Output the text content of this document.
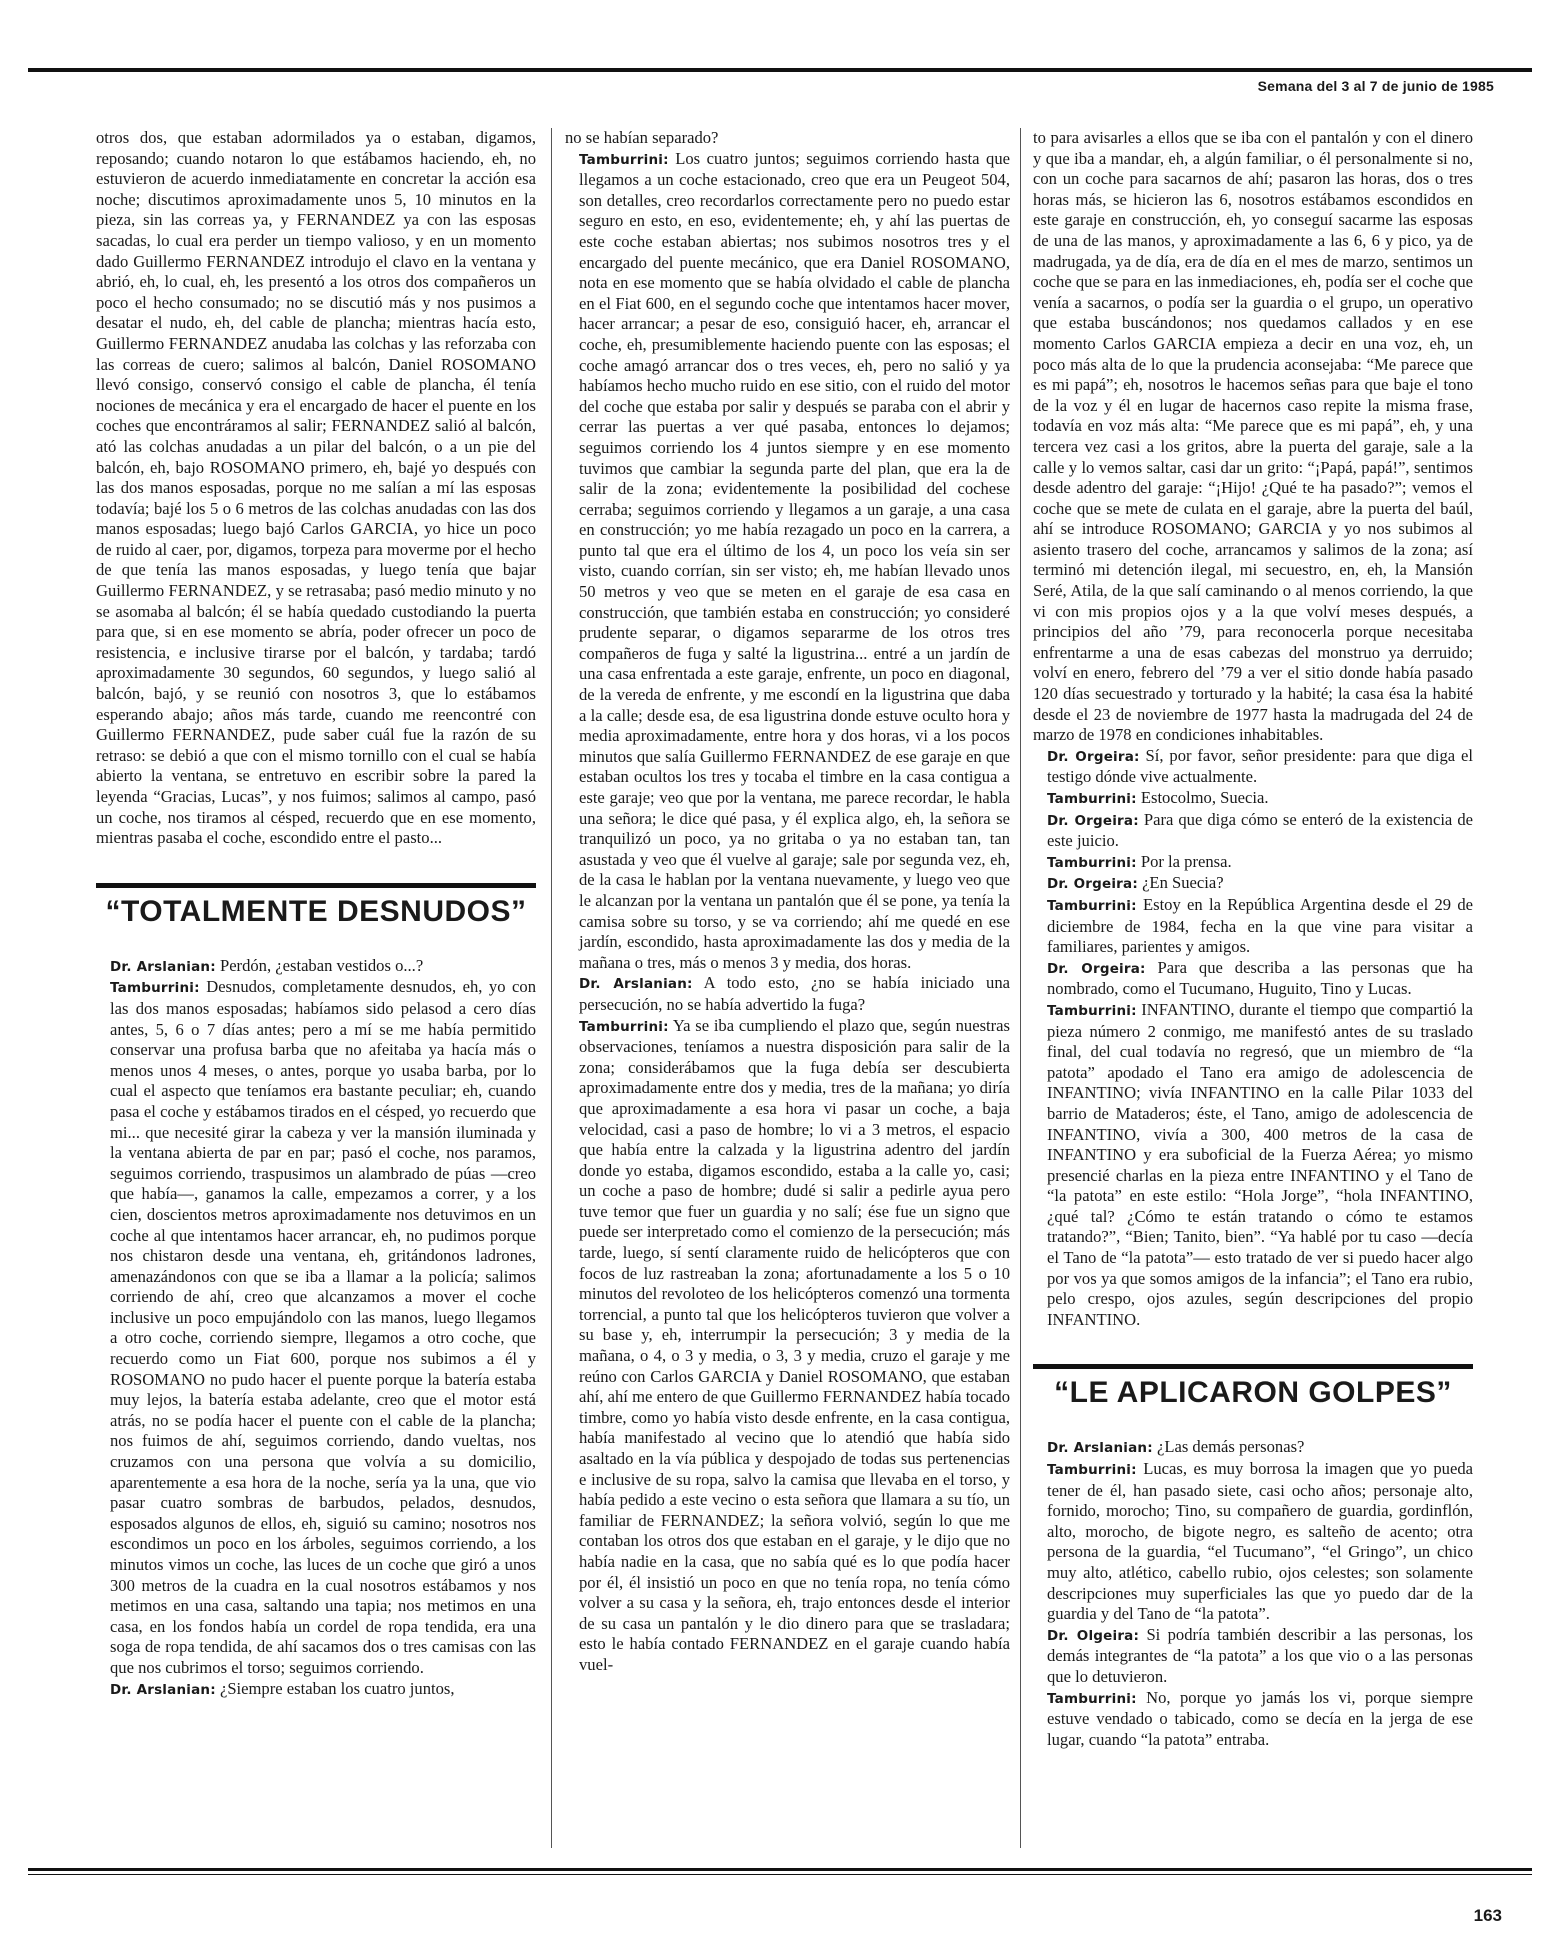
Semana del 3 al 7 de junio de 1985

otros dos, que estaban adormilados ya o estaban, digamos, reposando; cuando notaron lo que estábamos haciendo, eh, no estuvieron de acuerdo inmediatamente en concretar la acción esa noche; discutimos aproximadamente unos 5, 10 minutos en la pieza, sin las correas ya, y FERNANDEZ ya con las esposas sacadas, lo cual era perder un tiempo valioso, y en un momento dado Guillermo FERNANDEZ introdujo el clavo en la ventana y abrió, eh, lo cual, eh, les presentó a los otros dos compañeros un poco el hecho consumado; no se discutió más y nos pusimos a desatar el nudo, eh, del cable de plancha; mientras hacía esto, Guillermo FERNANDEZ anudaba las colchas y las reforzaba con las correas de cuero; salimos al balcón, Daniel ROSOMANO llevó consigo, conservó consigo el cable de plancha, él tenía nociones de mecánica y era el encargado de hacer el puente en los coches que encontráramos al salir; FERNANDEZ salió al balcón, ató las colchas anudadas a un pilar del balcón, o a un pie del balcón, eh, bajo ROSOMANO primero, eh, bajé yo después con las dos manos esposadas, porque no me salían a mí las esposas todavía; bajé los 5 o 6 metros de las colchas anudadas con las dos manos esposadas; luego bajó Carlos GARCIA, yo hice un poco de ruido al caer, por, digamos, torpeza para moverme por el hecho de que tenía las manos esposadas, y luego tenía que bajar Guillermo FERNANDEZ, y se retrasaba; pasó medio minuto y no se asomaba al balcón; él se había quedado custodiando la puerta para que, si en ese momento se abría, poder ofrecer un poco de resistencia, e inclusive tirarse por el balcón, y tardaba; tardó aproximadamente 30 segundos, 60 segundos, y luego salió al balcón, bajó, y se reunió con nosotros 3, que lo estábamos esperando abajo; años más tarde, cuando me reencontré con Guillermo FERNANDEZ, pude saber cuál fue la razón de su retraso: se debió a que con el mismo tornillo con el cual se había abierto la ventana, se entretuvo en escribir sobre la pared la leyenda “Gracias, Lucas”, y nos fuimos; salimos al campo, pasó un coche, nos tiramos al césped, recuerdo que en ese momento, mientras pasaba el coche, escondido entre el pasto...

“TOTALMENTE DESNUDOS”

Dr. Arslanian: Perdón, ¿estaban vestidos o...?

Tamburrini: Desnudos, completamente desnudos, eh, yo con las dos manos esposadas; habíamos sido pelasod a cero días antes, 5, 6 o 7 días antes; pero a mí se me había permitido conservar una profusa barba que no afeitaba ya hacía más o menos unos 4 meses, o antes, porque yo usaba barba, por lo cual el aspecto que teníamos era bastante peculiar; eh, cuando pasa el coche y estábamos tirados en el césped, yo recuerdo que mi... que necesité girar la cabeza y ver la mansión iluminada y la ventana abierta de par en par; pasó el coche, nos paramos, seguimos corriendo, traspusimos un alambrado de púas —creo que había—, ganamos la calle, empezamos a correr, y a los cien, doscientos metros aproximadamente nos detuvimos en un coche al que intentamos hacer arrancar, eh, no pudimos porque nos chistaron desde una ventana, eh, gritándonos ladrones, amenazándonos con que se iba a llamar a la policía; salimos corriendo de ahí, creo que alcanzamos a mover el coche inclusive un poco empujándolo con las manos, luego llegamos a otro coche, corriendo siempre, llegamos a otro coche, que recuerdo como un Fiat 600, porque nos subimos a él y ROSOMANO no pudo hacer el puente porque la batería estaba muy lejos, la batería estaba adelante, creo que el motor está atrás, no se podía hacer el puente con el cable de la plancha; nos fuimos de ahí, seguimos corriendo, dando vueltas, nos cruzamos con una persona que volvía a su domicilio, aparentemente a esa hora de la noche, sería ya la una, que vio pasar cuatro sombras de barbudos, pelados, desnudos, esposados algunos de ellos, eh, siguió su camino; nosotros nos escondimos un poco en los árboles, seguimos corriendo, a los minutos vimos un coche, las luces de un coche que giró a unos 300 metros de la cuadra en la cual nosotros estábamos y nos metimos en una casa, saltando una tapia; nos metimos en una casa, en los fondos había un cordel de ropa tendida, era una soga de ropa tendida, de ahí sacamos dos o tres camisas con las que nos cubrimos el torso; seguimos corriendo.

Dr. Arslanian: ¿Siempre estaban los cuatro juntos,

no se habían separado?

Tamburrini: Los cuatro juntos; seguimos corriendo hasta que llegamos a un coche estacionado, creo que era un Peugeot 504, son detalles, creo recordarlos correctamente pero no puedo estar seguro en esto, en eso, evidentemente; eh, y ahí las puertas de este coche estaban abiertas; nos subimos nosotros tres y el encargado del puente mecánico, que era Daniel ROSOMANO, nota en ese momento que se había olvidado el cable de plancha en el Fiat 600, en el segundo coche que intentamos hacer mover, hacer arrancar; a pesar de eso, consiguió hacer, eh, arrancar el coche, eh, presumiblemente haciendo puente con las esposas; el coche amagó arrancar dos o tres veces, eh, pero no salió y ya habíamos hecho mucho ruido en ese sitio, con el ruido del motor del coche que estaba por salir y después se paraba con el abrir y cerrar las puertas a ver qué pasaba, entonces lo dejamos; seguimos corriendo los 4 juntos siempre y en ese momento tuvimos que cambiar la segunda parte del plan, que era la de salir de la zona; evidentemente la posibilidad del cochese cerraba; seguimos corriendo y llegamos a un garaje, a una casa en construcción; yo me había rezagado un poco en la carrera, a punto tal que era el último de los 4, un poco los veía sin ser visto, cuando corrían, sin ser visto; eh, me habían llevado unos 50 metros y veo que se meten en el garaje de esa casa en construcción, que también estaba en construcción; yo consideré prudente separar, o digamos separarme de los otros tres compañeros de fuga y salté la ligustrina... entré a un jardín de una casa enfrentada a este garaje, enfrente, un poco en diagonal, de la vereda de enfrente, y me escondí en la ligustrina que daba a la calle; desde esa, de esa ligustrina donde estuve oculto hora y media aproximadamente, entre hora y dos horas, vi a los pocos minutos que salía Guillermo FERNANDEZ de ese garaje en que estaban ocultos los tres y tocaba el timbre en la casa contigua a este garaje; veo que por la ventana, me parece recordar, le habla una señora; le dice qué pasa, y él explica algo, eh, la señora se tranquilizó un poco, ya no gritaba o ya no estaban tan, tan asustada y veo que él vuelve al garaje; sale por segunda vez, eh, de la casa le hablan por la ventana nuevamente, y luego veo que le alcanzan por la ventana un pantalón que él se pone, ya tenía la camisa sobre su torso, y se va corriendo; ahí me quedé en ese jardín, escondido, hasta aproximadamente las dos y media de la mañana o tres, más o menos 3 y media, dos horas.

Dr. Arslanian: A todo esto, ¿no se había iniciado una persecución, no se había advertido la fuga?

Tamburrini: Ya se iba cumpliendo el plazo que, según nuestras observaciones, teníamos a nuestra disposición para salir de la zona; considerábamos que la fuga debía ser descubierta aproximadamente entre dos y media, tres de la mañana; yo diría que aproximadamente a esa hora vi pasar un coche, a baja velocidad, casi a paso de hombre; lo vi a 3 metros, el espacio que había entre la calzada y la ligustrina adentro del jardín donde yo estaba, digamos escondido, estaba a la calle yo, casi; un coche a paso de hombre; dudé si salir a pedirle ayua pero tuve temor que fuer un guardia y no salí; ése fue un signo que puede ser interpretado como el comienzo de la persecución; más tarde, luego, sí sentí claramente ruido de helicópteros que con focos de luz rastreaban la zona; afortunadamente a los 5 o 10 minutos del revoloteo de los helicópteros comenzó una tormenta torrencial, a punto tal que los helicópteros tuvieron que volver a su base y, eh, interrumpir la persecución; 3 y media de la mañana, o 4, o 3 y media, o 3, 3 y media, cruzo el garaje y me reúno con Carlos GARCIA y Daniel ROSOMANO, que estaban ahí, ahí me entero de que Guillermo FERNANDEZ había tocado timbre, como yo había visto desde enfrente, en la casa contigua, había manifestado al vecino que lo atendió que había sido asaltado en la vía pública y despojado de todas sus pertenencias e inclusive de su ropa, salvo la camisa que llevaba en el torso, y había pedido a este vecino o esta señora que llamara a su tío, un familiar de FERNANDEZ; la señora volvió, según lo que me contaban los otros dos que estaban en el garaje, y le dijo que no había nadie en la casa, que no sabía qué es lo que podía hacer por él, él insistió un poco en que no tenía ropa, no tenía cómo volver a su casa y la señora, eh, trajo entonces desde el interior de su casa un pantalón y le dio dinero para que se trasladara; esto le había contado FERNANDEZ en el garaje cuando había vuel-

to para avisarles a ellos que se iba con el pantalón y con el dinero y que iba a mandar, eh, a algún familiar, o él personalmente si no, con un coche para sacarnos de ahí; pasaron las horas, dos o tres horas más, se hicieron las 6, nosotros estábamos escondidos en este garaje en construcción, eh, yo conseguí sacarme las esposas de una de las manos, y aproximadamente a las 6, 6 y pico, ya de madrugada, ya de día, era de día en el mes de marzo, sentimos un coche que se para en las inmediaciones, eh, podía ser el coche que venía a sacarnos, o podía ser la guardia o el grupo, un operativo que estaba buscándonos; nos quedamos callados y en ese momento Carlos GARCIA empieza a decir en una voz, eh, un poco más alta de lo que la prudencia aconsejaba: “Me parece que es mi papá”; eh, nosotros le hacemos señas para que baje el tono de la voz y él en lugar de hacernos caso repite la misma frase, todavía en voz más alta: “Me parece que es mi papá”, eh, y una tercera vez casi a los gritos, abre la puerta del garaje, sale a la calle y lo vemos saltar, casi dar un grito: “¡Papá, papá!”, sentimos desde adentro del garaje: “¡Hijo! ¿Qué te ha pasado?”; vemos el coche que se mete de culata en el garaje, abre la puerta del baúl, ahí se introduce ROSOMANO; GARCIA y yo nos subimos al asiento trasero del coche, arrancamos y salimos de la zona; así terminó mi detención ilegal, mi secuestro, en, eh, la Mansión Seré, Atila, de la que salí caminando o al menos corriendo, la que vi con mis propios ojos y a la que volví meses después, a principios del año ’79, para reconocerla porque necesitaba enfrentarme a una de esas cabezas del monstruo ya derruido; volví en enero, febrero del ’79 a ver el sitio donde había pasado 120 días secuestrado y torturado y la habité; la casa ésa la habité desde el 23 de noviembre de 1977 hasta la madrugada del 24 de marzo de 1978 en condiciones inhabitables.

Dr. Orgeira: Sí, por favor, señor presidente: para que diga el testigo dónde vive actualmente.

Tamburrini: Estocolmo, Suecia.

Dr. Orgeira: Para que diga cómo se enteró de la existencia de este juicio.

Tamburrini: Por la prensa.

Dr. Orgeira: ¿En Suecia?

Tamburrini: Estoy en la República Argentina desde el 29 de diciembre de 1984, fecha en la que vine para visitar a familiares, parientes y amigos.

Dr. Orgeira: Para que describa a las personas que ha nombrado, como el Tucumano, Huguito, Tino y Lucas.

Tamburrini: INFANTINO, durante el tiempo que compartió la pieza número 2 conmigo, me manifestó antes de su traslado final, del cual todavía no regresó, que un miembro de “la patota” apodado el Tano era amigo de adolescencia de INFANTINO; vivía INFANTINO en la calle Pilar 1033 del barrio de Mataderos; éste, el Tano, amigo de adolescencia de INFANTINO, vivía a 300, 400 metros de la casa de INFANTINO y era suboficial de la Fuerza Aérea; yo mismo presencié charlas en la pieza entre INFANTINO y el Tano de “la patota” en este estilo: “Hola Jorge”, “hola INFANTINO, ¿qué tal? ¿Cómo te están tratando o cómo te estamos tratando?”, “Bien; Tanito, bien”. “Ya hablé por tu caso —decía el Tano de “la patota”— esto tratado de ver si puedo hacer algo por vos ya que somos amigos de la infancia”; el Tano era rubio, pelo crespo, ojos azules, según descripciones del propio INFANTINO.

“LE APLICARON GOLPES”

Dr. Arslanian: ¿Las demás personas?

Tamburrini: Lucas, es muy borrosa la imagen que yo pueda tener de él, han pasado siete, casi ocho años; personaje alto, fornido, morocho; Tino, su compañero de guardia, gordinflón, alto, morocho, de bigote negro, es salteño de acento; otra persona de la guardia, “el Tucumano”, “el Gringo”, un chico muy alto, atlético, cabello rubio, ojos celestes; son solamente descripciones muy superficiales las que yo puedo dar de la guardia y del Tano de “la patota”.

Dr. Olgeira: Si podría también describir a las personas, los demás integrantes de “la patota” a los que vio o a las personas que lo detuvieron.

Tamburrini: No, porque yo jamás los vi, porque siempre estuve vendado o tabicado, como se decía en la jerga de ese lugar, cuando “la patota” entraba.

163
